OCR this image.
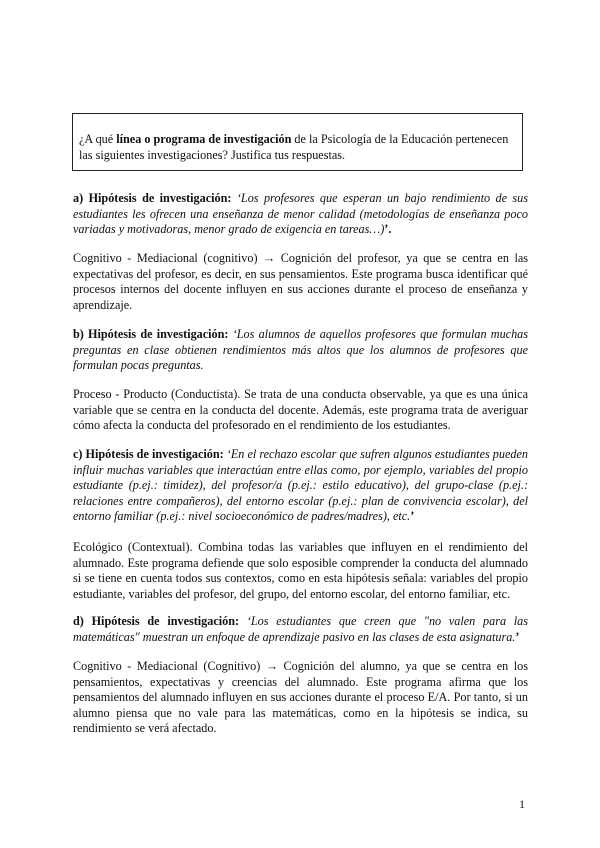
¿A qué línea o programa de investigación de la Psicología de la Educación pertenecen las siguientes investigaciones? Justifica tus respuestas.

a) Hipótesis de investigación: ‘Los profesores que esperan un bajo rendimiento de sus estudiantes les ofrecen una enseñanza de menor calidad (metodologías de enseñanza poco variadas y motivadoras, menor grado de exigencia en tareas…)’.

Cognitivo - Mediacional (cognitivo) → Cognición del profesor, ya que se centra en las expectativas del profesor, es decir, en sus pensamientos. Este programa busca identificar qué procesos internos del docente influyen en sus acciones durante el proceso de enseñanza y aprendizaje.

b) Hipótesis de investigación: ‘Los alumnos de aquellos profesores que formulan muchas preguntas en clase obtienen rendimientos más altos que los alumnos de profesores que formulan pocas preguntas.

Proceso - Producto (Conductista). Se trata de una conducta observable, ya que es una única variable que se centra en la conducta del docente. Además, este programa trata de averiguar cómo afecta la conducta del profesorado en el rendimiento de los estudiantes.

c) Hipótesis de investigación: ‘En el rechazo escolar que sufren algunos estudiantes pueden influir muchas variables que interactúan entre ellas como, por ejemplo, variables del propio estudiante (p.ej.: timidez), del profesor/a (p.ej.: estilo educativo), del grupo-clase (p.ej.: relaciones entre compañeros), del entorno escolar (p.ej.: plan de convivencia escolar), del entorno familiar (p.ej.: nivel socioeconómico de padres/madres), etc.’

Ecológico (Contextual). Combina todas las variables que influyen en el rendimiento del alumnado. Este programa defiende que solo esposible comprender la conducta del alumnado si se tiene en cuenta todos sus contextos, como en esta hipótesis señala: variables del propio estudiante, variables del profesor, del grupo, del entorno escolar, del entorno familiar, etc.

d) Hipótesis de investigación: ‘Los estudiantes que creen que "no valen para las matemáticas" muestran un enfoque de aprendizaje pasivo en las clases de esta asignatura.’

Cognitivo - Mediacional (Cognitivo) → Cognición del alumno, ya que se centra en los pensamientos, expectativas y creencias del alumnado. Este programa afirma que los pensamientos del alumnado influyen en sus acciones durante el proceso E/A. Por tanto, si un alumno piensa que no vale para las matemáticas, como en la hipótesis se indica, su rendimiento se verá afectado.

1
